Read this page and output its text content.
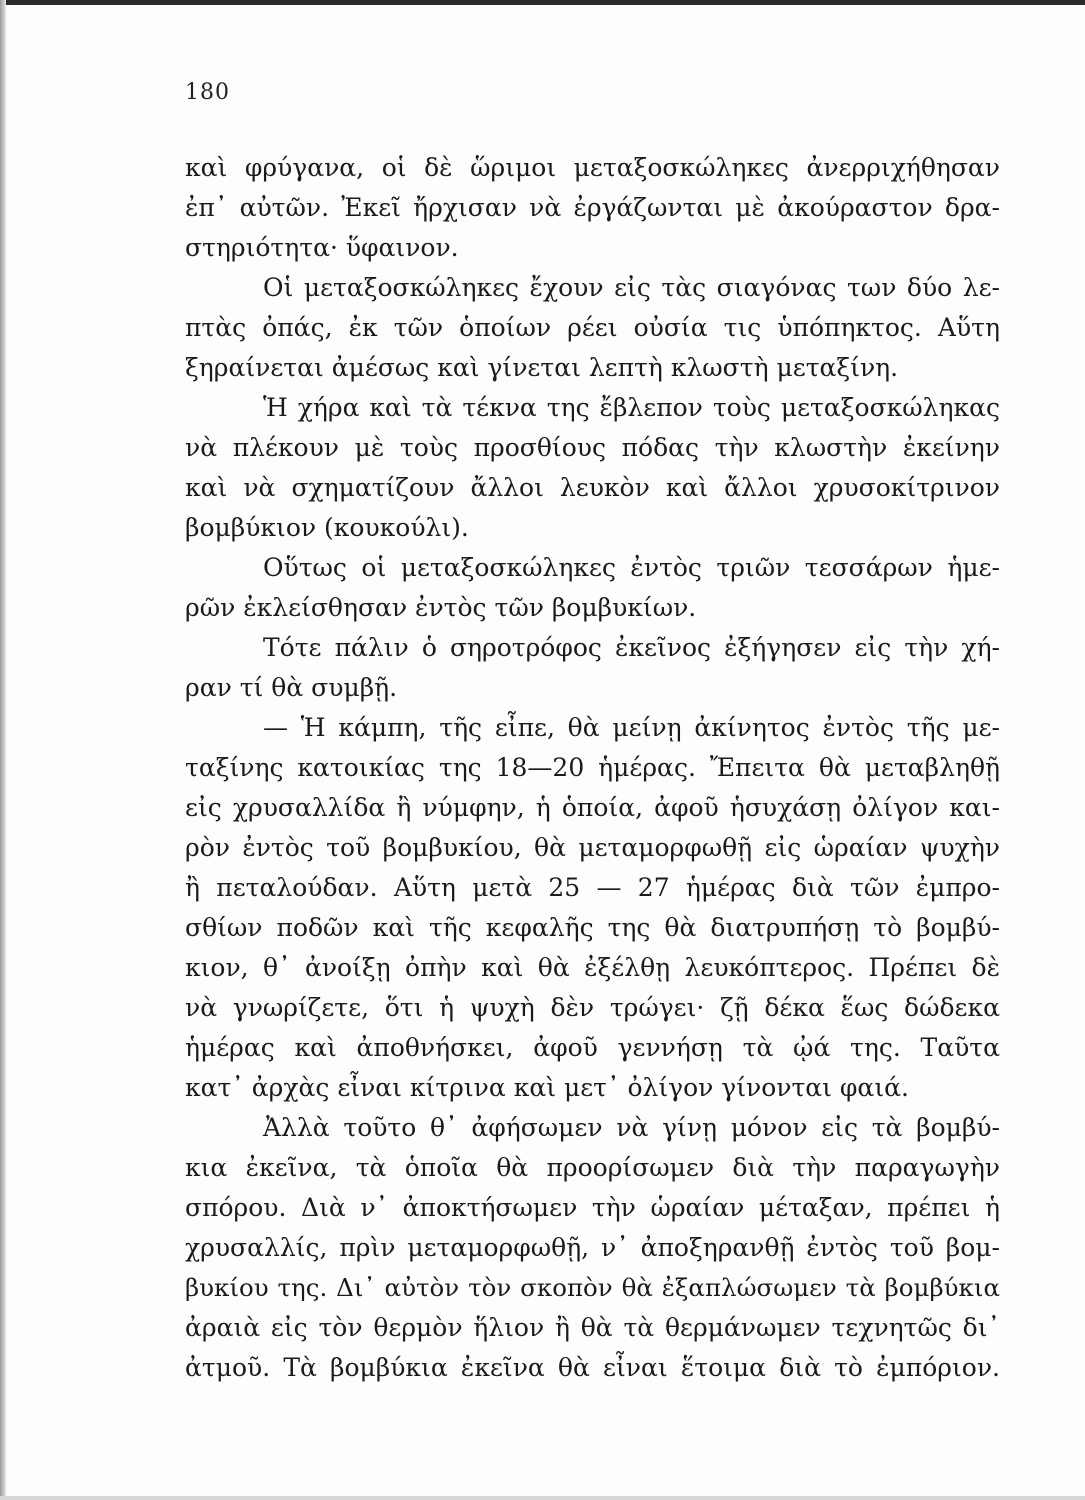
180
καὶ φρύγανα, οἱ δὲ ὥριμοι μεταξοσκώληκες ἀνερριχήθησαν
ἐπ᾽ αὐτῶν. Ἐκεῖ ἤρχισαν νὰ ἐργάζωνται μὲ ἀκούραστον δρα-
στηριότητα· ὕφαινον.
Οἱ μεταξοσκώληκες ἔχουν εἰς τὰς σιαγόνας των δύο λε-
πτὰς ὀπάς, ἐκ τῶν ὁποίων ρέει οὐσία τις ὑπόπηκτος. Αὕτη
ξηραίνεται ἀμέσως καὶ γίνεται λεπτὴ κλωστὴ μεταξίνη.
Ἡ χήρα καὶ τὰ τέκνα της ἔβλεπον τοὺς μεταξοσκώληκας
νὰ πλέκουν μὲ τοὺς προσθίους πόδας τὴν κλωστὴν ἐκείνην
καὶ νὰ σχηματίζουν ἄλλοι λευκὸν καὶ ἄλλοι χρυσοκίτρινον
βομβύκιον (κουκούλι).
Οὕτως οἱ μεταξοσκώληκες ἐντὸς τριῶν τεσσάρων ἡμε-
ρῶν ἐκλείσθησαν ἐντὸς τῶν βομβυκίων.
Τότε πάλιν ὁ σηροτρόφος ἐκεῖνος ἐξήγησεν εἰς τὴν χή-
ραν τί θὰ συμβῇ.
— Ἡ κάμπη, τῆς εἶπε, θὰ μείνῃ ἀκίνητος ἐντὸς τῆς με-
ταξίνης κατοικίας της 18—20 ἡμέρας. Ἔπειτα θὰ μεταβληθῇ
εἰς χρυσαλλίδα ἢ νύμφην, ἡ ὁποία, ἀφοῦ ἡσυχάσῃ ὀλίγον και-
ρὸν ἐντὸς τοῦ βομβυκίου, θὰ μεταμορφωθῇ εἰς ὡραίαν ψυχὴν
ἢ πεταλούδαν. Αὕτη μετὰ 25 — 27 ἡμέρας διὰ τῶν ἐμπρο-
σθίων ποδῶν καὶ τῆς κεφαλῆς της θὰ διατρυπήσῃ τὸ βομβύ-
κιον, θ᾽ ἀνοίξῃ ὀπὴν καὶ θὰ ἐξέλθῃ λευκόπτερος. Πρέπει δὲ
νὰ γνωρίζετε, ὅτι ἡ ψυχὴ δὲν τρώγει· ζῇ δέκα ἕως δώδεκα
ἡμέρας καὶ ἀποθνήσκει, ἀφοῦ γεννήσῃ τὰ ᾠά της. Ταῦτα
κατ᾽ ἀρχὰς εἶναι κίτρινα καὶ μετ᾽ ὀλίγον γίνονται φαιά.
Ἀλλὰ τοῦτο θ᾽ ἀφήσωμεν νὰ γίνῃ μόνον εἰς τὰ βομβύ-
κια ἐκεῖνα, τὰ ὁποῖα θὰ προορίσωμεν διὰ τὴν παραγωγὴν
σπόρου. Διὰ ν᾽ ἀποκτήσωμεν τὴν ὡραίαν μέταξαν, πρέπει ἡ
χρυσαλλίς, πρὶν μεταμορφωθῇ, ν᾽ ἀποξηρανθῇ ἐντὸς τοῦ βομ-
βυκίου της. Δι᾽ αὐτὸν τὸν σκοπὸν θὰ ἐξαπλώσωμεν τὰ βομβύκια
ἀραιὰ εἰς τὸν θερμὸν ἥλιον ἢ θὰ τὰ θερμάνωμεν τεχνητῶς δι᾽
ἀτμοῦ. Τὰ βομβύκια ἐκεῖνα θὰ εἶναι ἕτοιμα διὰ τὸ ἐμπόριον.
